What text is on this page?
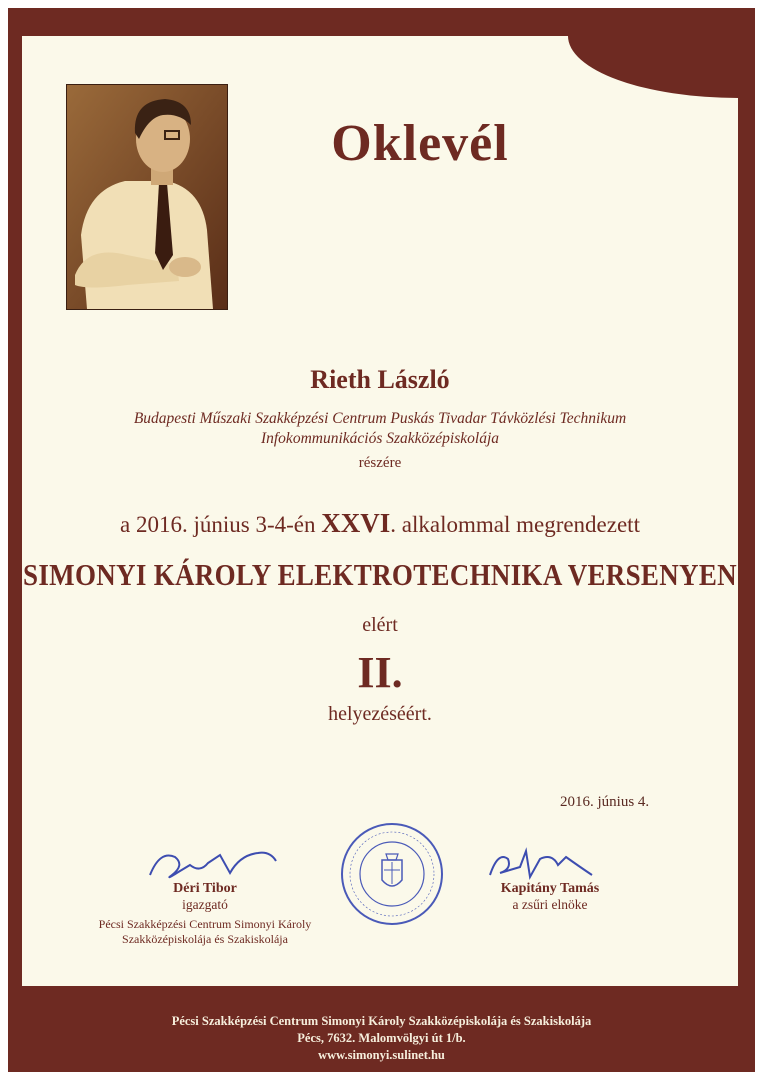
Oklevél
Rieth László
Budapesti Műszaki Szakképzési Centrum Puskás Tivadar Távközlési Technikum
Infokommunikációs Szakközépiskolája
részére
a 2016. június 3-4-én XXVI. alkalommal megrendezett
SIMONYI KÁROLY ELEKTROTECHNIKA VERSENYEN
elért
II.
helyezéséért.
2016. június 4.
Déri Tibor
igazgató
Pécsi Szakképzési Centrum Simonyi Károly
Szakközépiskolája és Szakiskolája
Kapitány Tamás
a zsűri elnöke
Pécsi Szakképzési Centrum Simonyi Károly Szakközépiskolája és Szakiskolája
Pécs, 7632. Malomvölgyi út 1/b.
www.simonyi.sulinet.hu
